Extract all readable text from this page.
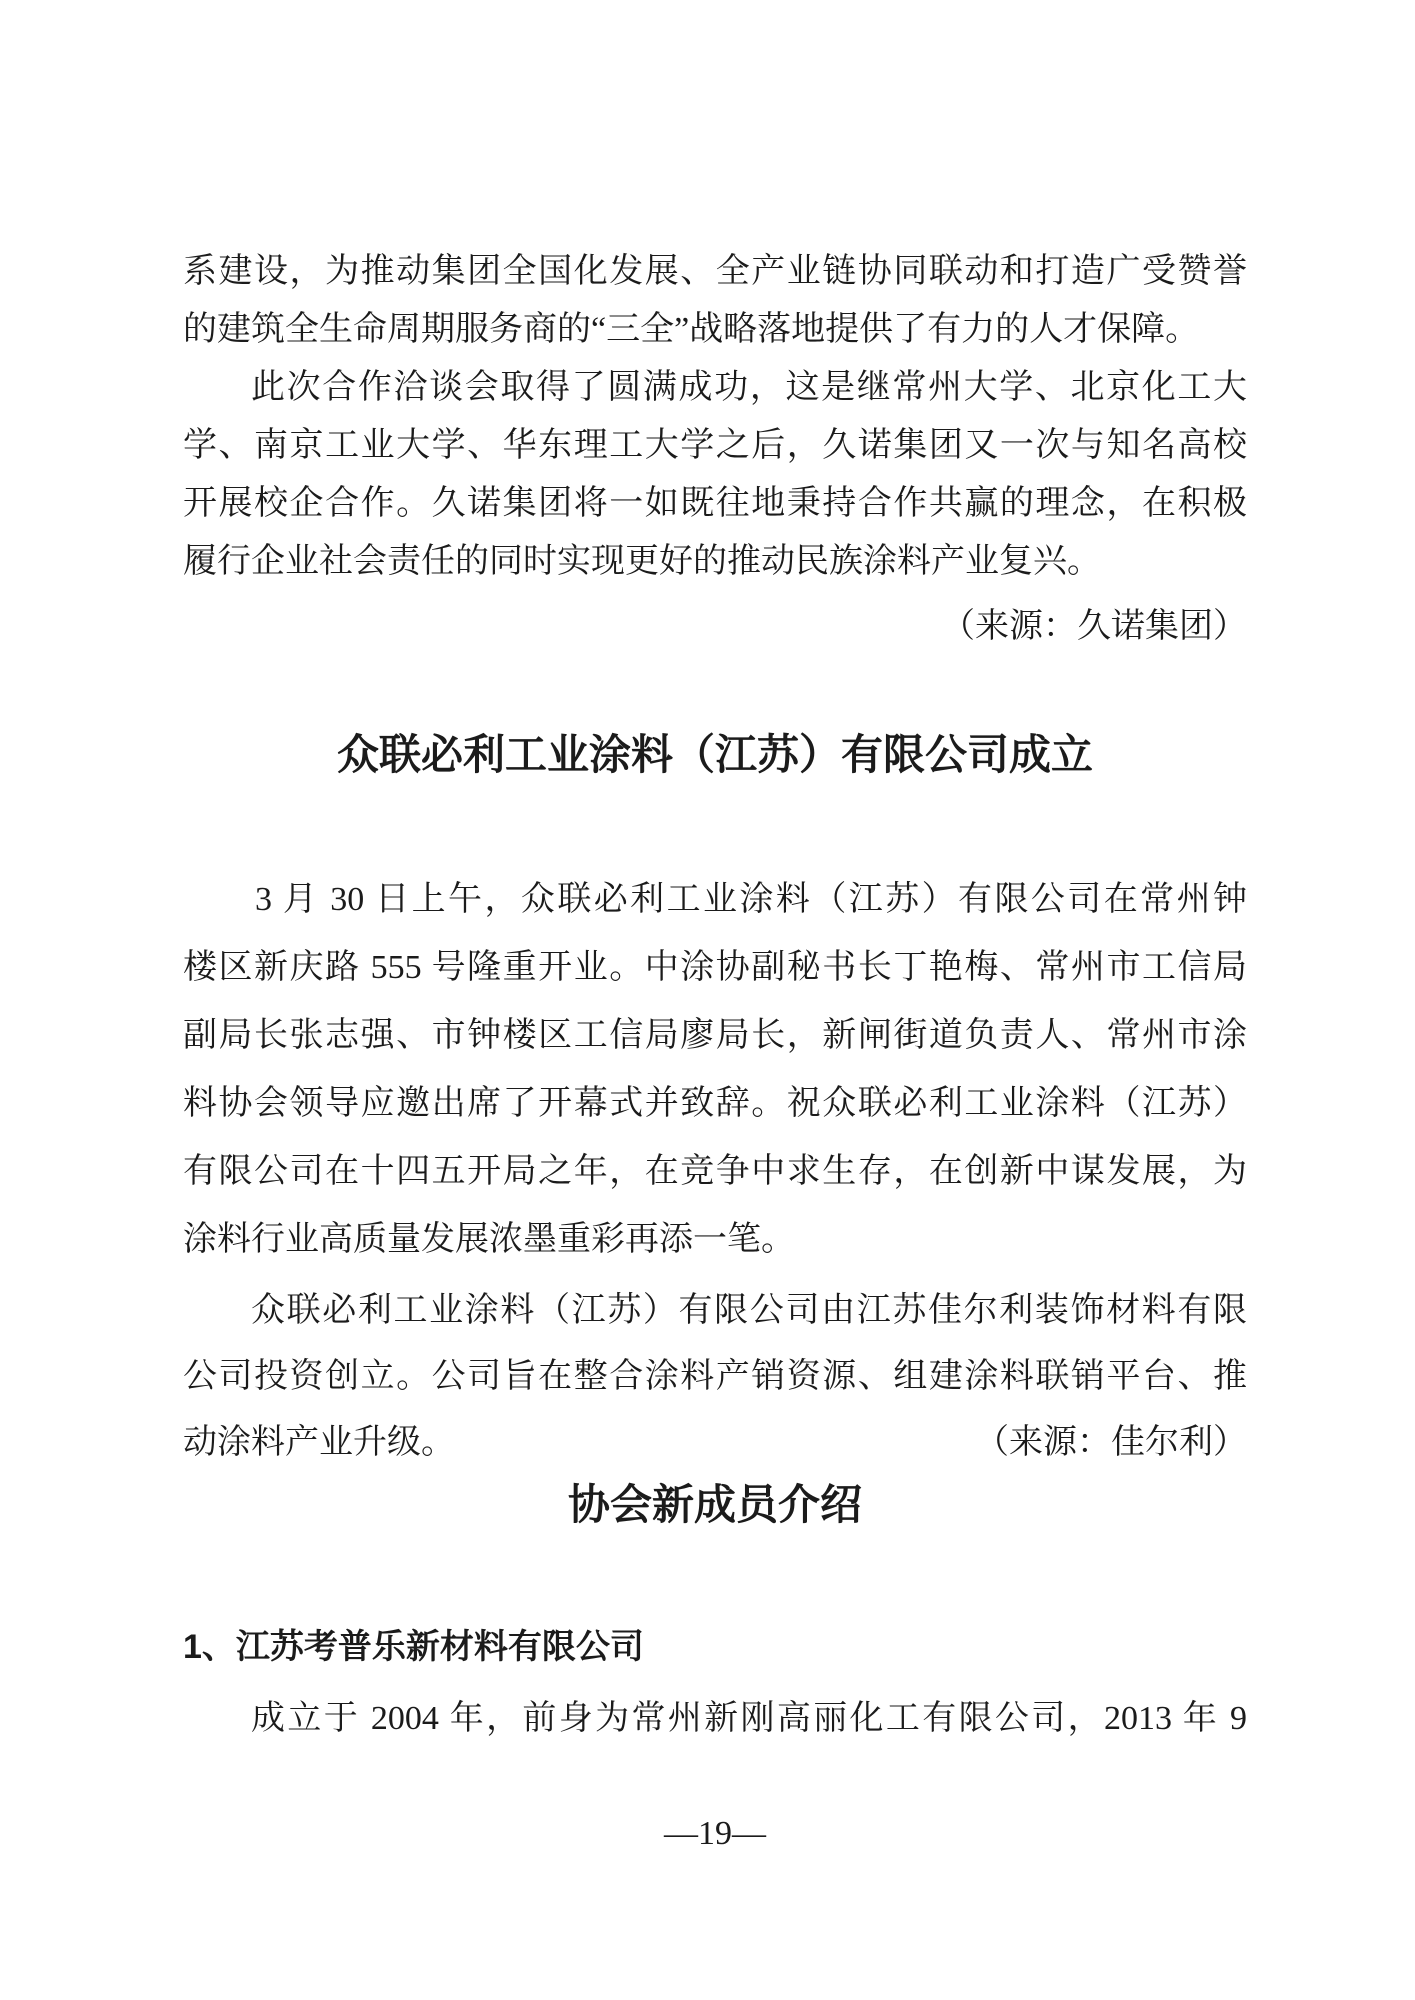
系建设，为推动集团全国化发展、全产业链协同联动和打造广受赞誉
的建筑全生命周期服务商的“三全”战略落地提供了有力的人才保障。
此次合作洽谈会取得了圆满成功，这是继常州大学、北京化工大
学、南京工业大学、华东理工大学之后，久诺集团又一次与知名高校
开展校企合作。久诺集团将一如既往地秉持合作共赢的理念，在积极
履行企业社会责任的同时实现更好的推动民族涂料产业复兴。
（来源：久诺集团）
众联必利工业涂料（江苏）有限公司成立
3 月 30 日上午，众联必利工业涂料（江苏）有限公司在常州钟
楼区新庆路 555 号隆重开业。中涂协副秘书长丁艳梅、常州市工信局
副局长张志强、市钟楼区工信局廖局长，新闸街道负责人、常州市涂
料协会领导应邀出席了开幕式并致辞。祝众联必利工业涂料（江苏）
有限公司在十四五开局之年，在竞争中求生存，在创新中谋发展，为
涂料行业高质量发展浓墨重彩再添一笔。
众联必利工业涂料（江苏）有限公司由江苏佳尔利装饰材料有限
公司投资创立。公司旨在整合涂料产销资源、组建涂料联销平台、推
动涂料产业升级。	（来源：佳尔利）
协会新成员介绍
1、江苏考普乐新材料有限公司
成立于 2004 年，前身为常州新刚高丽化工有限公司，2013 年 9
—19—
